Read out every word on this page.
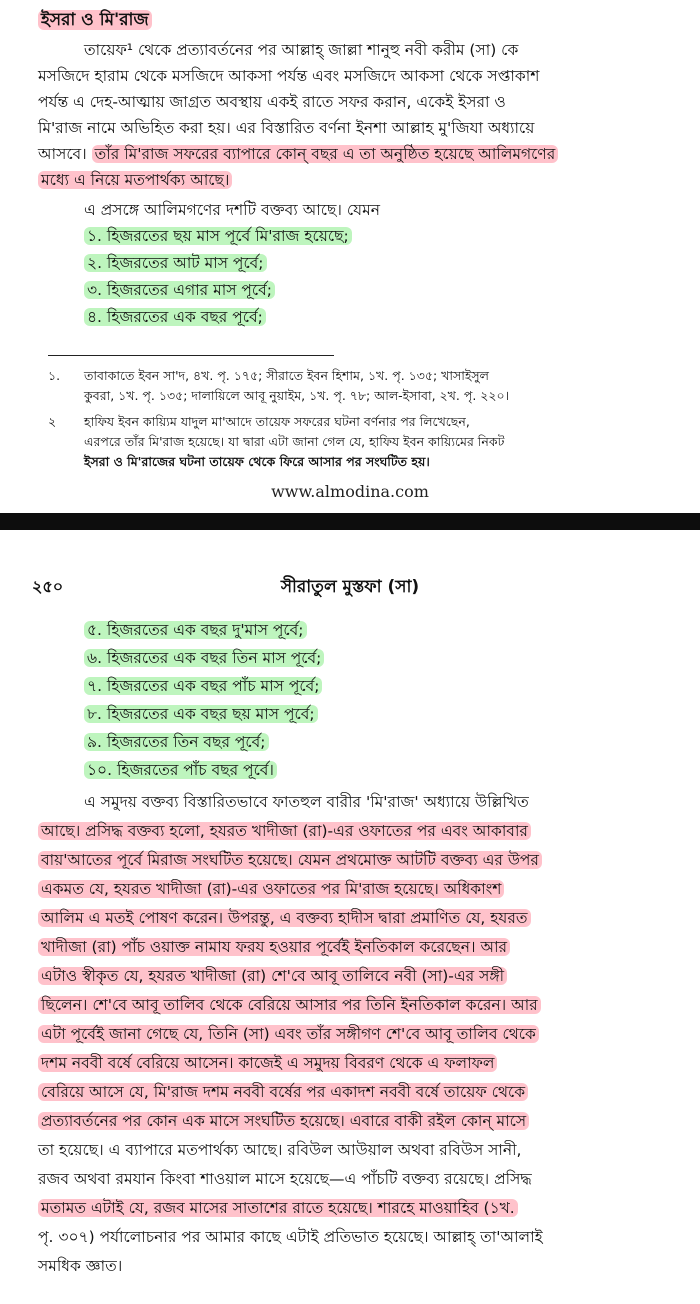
ইসরা ও মি'রাজ
তায়েফ¹ থেকে প্রত্যাবর্তনের পর আল্লাহ্ জাল্লা শানুহু নবী করীম (সা) কে
মসজিদে হারাম থেকে মসজিদে আকসা পর্যন্ত এবং মসজিদে আকসা থেকে সপ্তাকাশ
পর্যন্ত এ দেহ-আত্মায় জাগ্রত অবস্থায় একই রাতে সফর করান, একেই ইসরা ও
মি'রাজ নামে অভিহিত করা হয়। এর বিস্তারিত বর্ণনা ইনশা আল্লাহ মু'জিযা অধ্যায়ে
আসবে। তাঁর মি'রাজ সফরের ব্যাপারে কোন্ বছর এ তা অনুষ্ঠিত হয়েছে আলিমগণের
মধ্যে এ নিয়ে মতপার্থক্য আছে।
এ প্রসঙ্গে আলিমগণের দশটি বক্তব্য আছে। যেমন
১. হিজরতের ছয় মাস পূর্বে মি'রাজ হয়েছে;
২. হিজরতের আট মাস পূর্বে;
৩. হিজরতের এগার মাস পূর্বে;
৪. হিজরতের এক বছর পূর্বে;
১. তাবাকাতে ইবন সা'দ, ৪খ. পৃ. ১৭৫; সীরাতে ইবন হিশাম, ১খ. পৃ. ১৩৫; খাসাইসুল
কুবরা, ১খ. পৃ. ১৩৫; দালায়িলে আবূ নুয়াইম, ১খ. পৃ. ৭৮; আল-ইসাবা, ২খ. পৃ. ২২০।
২ হাফিয ইবন কায়্যিম যাদুল মা'আদে তায়েফ সফরের ঘটনা বর্ণনার পর লিখেছেন,
এরপরে তাঁর মি'রাজ হয়েছে। যা দ্বারা এটা জানা গেল যে, হাফিয ইবন কায়্যিমের নিকট
ইসরা ও মি'রাজের ঘটনা তায়েফ থেকে ফিরে আসার পর সংঘটিত হয়।
www.almodina.com
সীরাতুল মুস্তফা (সা)
২৫০
৫. হিজরতের এক বছর দু'মাস পূর্বে;
৬. হিজরতের এক বছর তিন মাস পূর্বে;
৭. হিজরতের এক বছর পাঁচ মাস পূর্বে;
৮. হিজরতের এক বছর ছয় মাস পূর্বে;
৯. হিজরতের তিন বছর পূর্বে;
১০. হিজরতের পাঁচ বছর পূর্বে।
এ সমুদয় বক্তব্য বিস্তারিতভাবে ফাতহুল বারীর 'মি'রাজ' অধ্যায়ে উল্লিখিত
আছে। প্রসিদ্ধ বক্তব্য হলো, হযরত খাদীজা (রা)-এর ওফাতের পর এবং আকাবার
বায়'আতের পূর্বে মিরাজ সংঘটিত হয়েছে। যেমন প্রথমোক্ত আটটি বক্তব্য এর উপর
একমত যে, হযরত খাদীজা (রা)-এর ওফাতের পর মি'রাজ হয়েছে। অধিকাংশ
আলিম এ মতই পোষণ করেন। উপরন্তু, এ বক্তব্য হাদীস দ্বারা প্রমাণিত যে, হযরত
খাদীজা (রা) পাঁচ ওয়াক্ত নামায ফরয হওয়ার পূর্বেই ইনতিকাল করেছেন। আর
এটাও স্বীকৃত যে, হযরত খাদীজা (রা) শে'বে আবূ তালিবে নবী (সা)-এর সঙ্গী
ছিলেন। শে'বে আবূ তালিব থেকে বেরিয়ে আসার পর তিনি ইনতিকাল করেন। আর
এটা পূর্বেই জানা গেছে যে, তিনি (সা) এবং তাঁর সঙ্গীগণ শে'বে আবূ তালিব থেকে
দশম নববী বর্ষে বেরিয়ে আসেন। কাজেই এ সমুদয় বিবরণ থেকে এ ফলাফল
বেরিয়ে আসে যে, মি'রাজ দশম নববী বর্ষের পর একাদশ নববী বর্ষে তায়েফ থেকে
প্রত্যাবর্তনের পর কোন এক মাসে সংঘটিত হয়েছে। এবারে বাকী রইল কোন্ মাসে
তা হয়েছে। এ ব্যাপারে মতপার্থক্য আছে। রবিউল আউয়াল অথবা রবিউস সানী,
রজব অথবা রমযান কিংবা শাওয়াল মাসে হয়েছে—এ পাঁচটি বক্তব্য রয়েছে। প্রসিদ্ধ
মতামত এটাই যে, রজব মাসের সাতাশের রাতে হয়েছে। শারহে মাওয়াহিব (১খ.
পৃ. ৩০৭) পর্যালোচনার পর আমার কাছে এটাই প্রতিভাত হয়েছে। আল্লাহ্ তা'আলাই
সমধিক জ্ঞাত।
